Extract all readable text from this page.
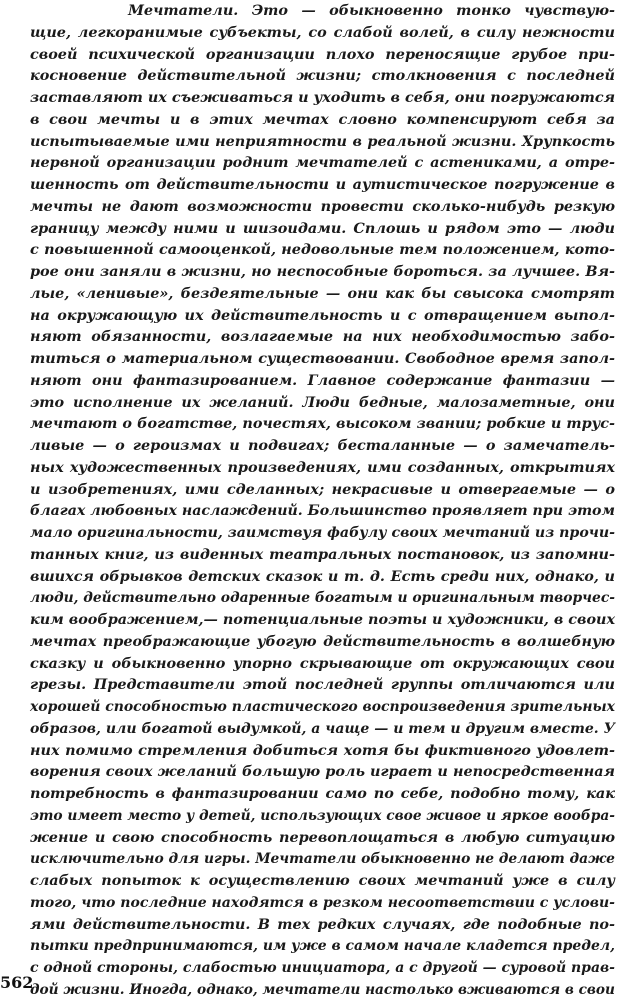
Мечтатели. Это — обыкновенно тонко чувствую-
щие, легкоранимые субъекты, со слабой волей, в силу нежности
своей психической организации плохо переносящие грубое при-
косновение действительной жизни; столкновения с последней
заставляют их съеживаться и уходить в себя, они погружаются
в свои мечты и в этих мечтах словно компенсируют себя за
испытываемые ими неприятности в реальной жизни. Хрупкость
нервной организации роднит мечтателей с астениками, а отре-
шенность от действительности и аутистическое погружение в
мечты не дают возможности провести сколько-нибудь резкую
границу между ними и шизоидами. Сплошь и рядом это — люди
с повышенной самооценкой, недовольные тем положением, кото-
рое они заняли в жизни, но неспособные бороться. за лучшее. Вя-
лые, «ленивые», бездеятельные — они как бы свысока смотрят
на окружающую их действительность и с отвращением выпол-
няют обязанности, возлагаемые на них необходимостью забо-
титься о материальном существовании. Свободное время запол-
няют они фантазированием. Главное содержание фантазии —
это исполнение их желаний. Люди бедные, малозаметные, они
мечтают о богатстве, почестях, высоком звании; робкие и трус-
ливые — о героизмах и подвигах; бесталанные — о замечатель-
ных художественных произведениях, ими созданных, открытиях
и изобретениях, ими сделанных; некрасивые и отвергаемые — о
благах любовных наслаждений. Большинство проявляет при этом
мало оригинальности, заимствуя фабулу своих мечтаний из прочи-
танных книг, из виденных театральных постановок, из запомни-
вшихся обрывков детских сказок и т. д. Есть среди них, однако, и
люди, действительно одаренные богатым и оригинальным творчес-
ким воображением,— потенциальные поэты и художники, в своих
мечтах преображающие убогую действительность в волшебную
сказку и обыкновенно упорно скрывающие от окружающих свои
грезы. Представители этой последней группы отличаются или
хорошей способностью пластического воспроизведения зрительных
образов, или богатой выдумкой, а чаще — и тем и другим вместе. У
них помимо стремления добиться хотя бы фиктивного удовлет-
ворения своих желаний большую роль играет и непосредственная
потребность в фантазировании само по себе, подобно тому, как
это имеет место у детей, использующих свое живое и яркое вообра-
жение и свою способность перевоплощаться в любую ситуацию
исключительно для игры. Мечтатели обыкновенно не делают даже
слабых попыток к осуществлению своих мечтаний уже в силу
того, что последние находятся в резком несоответствии с услови-
ями действительности. В тех редких случаях, где подобные по-
пытки предпринимаются, им уже в самом начале кладется предел,
с одной стороны, слабостью инициатора, а с другой — суровой прав-
дой жизни. Иногда, однако, мечтатели настолько вживаются в свои
562
